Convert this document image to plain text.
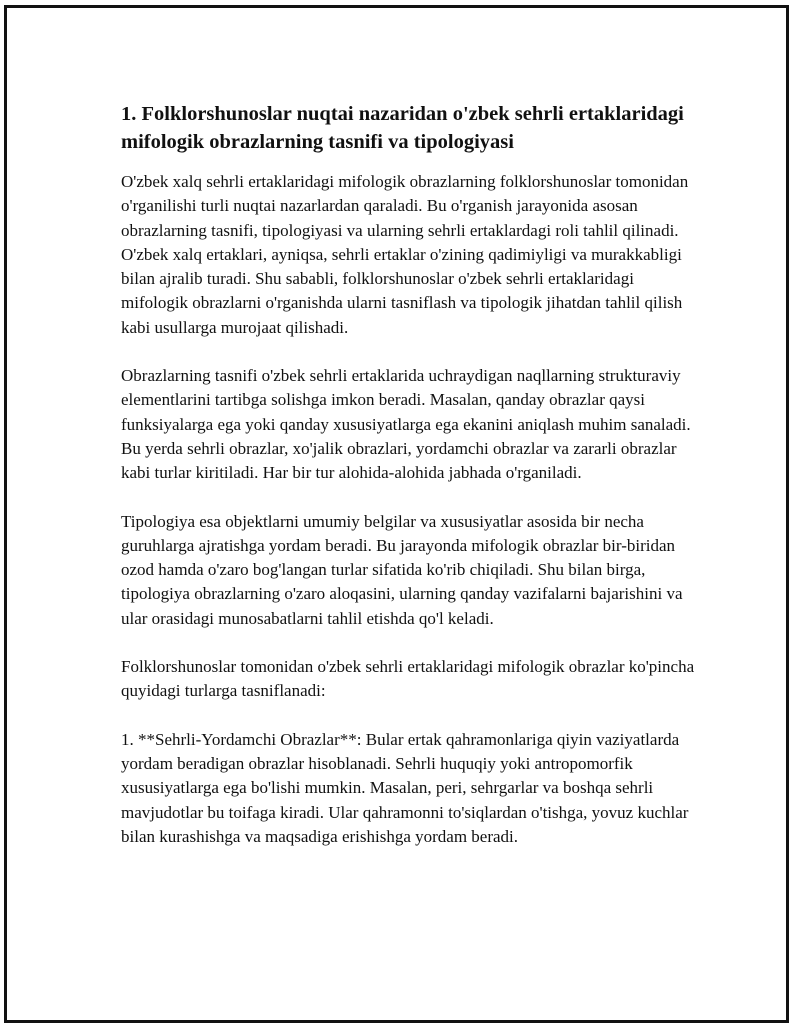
1. Folklorshunoslar nuqtai nazaridan o'zbek sehrli ertaklaridagi mifologik obrazlarning tasnifi va tipologiyasi

O'zbek xalq sehrli ertaklaridagi mifologik obrazlarning folklorshunoslar tomonidan o'rganilishi turli nuqtai nazarlardan qaraladi. Bu o'rganish jarayonida asosan obrazlarning tasnifi, tipologiyasi va ularning sehrli ertaklardagi roli tahlil qilinadi. O'zbek xalq ertaklari, ayniqsa, sehrli ertaklar o'zining qadimiyligi va murakkabligi bilan ajralib turadi. Shu sababli, folklorshunoslar o'zbek sehrli ertaklaridagi mifologik obrazlarni o'rganishda ularni tasniflash va tipologik jihatdan tahlil qilish kabi usullarga murojaat qilishadi.

Obrazlarning tasnifi o'zbek sehrli ertaklarida uchraydigan naqllarning strukturaviy elementlarini tartibga solishga imkon beradi. Masalan, qanday obrazlar qaysi funksiyalarga ega yoki qanday xususiyatlarga ega ekanini aniqlash muhim sanaladi. Bu yerda sehrli obrazlar, xo'jalik obrazlari, yordamchi obrazlar va zararli obrazlar kabi turlar kiritiladi. Har bir tur alohida-alohida jabhada o'rganiladi.

Tipologiya esa objektlarni umumiy belgilar va xususiyatlar asosida bir necha guruhlarga ajratishga yordam beradi. Bu jarayonda mifologik obrazlar bir-biridan ozod hamda o'zaro bog'langan turlar sifatida ko'rib chiqiladi. Shu bilan birga, tipologiya obrazlarning o'zaro aloqasini, ularning qanday vazifalarni bajarishini va ular orasidagi munosabatlarni tahlil etishda qo'l keladi.

Folklorshunoslar tomonidan o'zbek sehrli ertaklaridagi mifologik obrazlar ko'pincha quyidagi turlarga tasniflanadi:

1. **Sehrli-Yordamchi Obrazlar**: Bular ertak qahramonlariga qiyin vaziyatlarda yordam beradigan obrazlar hisoblanadi. Sehrli huquqiy yoki antropomorfik xususiyatlarga ega bo'lishi mumkin. Masalan, peri, sehrgarlar va boshqa sehrli mavjudotlar bu toifaga kiradi. Ular qahramonni to'siqlardan o'tishga, yovuz kuchlar bilan kurashishga va maqsadiga erishishga yordam beradi.
